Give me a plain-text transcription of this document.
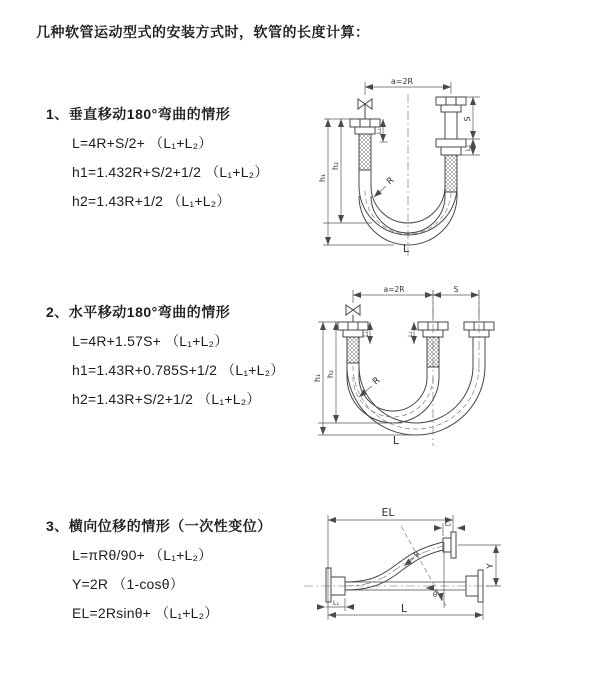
几种软管运动型式的安装方式时，软管的长度计算：
1、垂直移动180°弯曲的情形
L=4R+S/2+ （L₁+L₂）
h1=1.432R+S/2+1/2 （L₁+L₂）
h2=1.43R+1/2 （L₁+L₂）
2、水平移动180°弯曲的情形
L=4R+1.57S+ （L₁+L₂）
h1=1.43R+0.785S+1/2 （L₁+L₂）
h2=1.43R+S/2+1/2 （L₁+L₂）
3、横向位移的情形（一次性变位）
L=πRθ/90+ （L₁+L₂）
Y=2R （1-cosθ）
EL=2Rsinθ+ （L₁+L₂）
a=2R
h₁
h₂
L₁
S
L₂
R
L
a=2R	S
h₁ h₂
L₁	L₁
R
L
EL
L₂
Y
θ
R
L₁	L
